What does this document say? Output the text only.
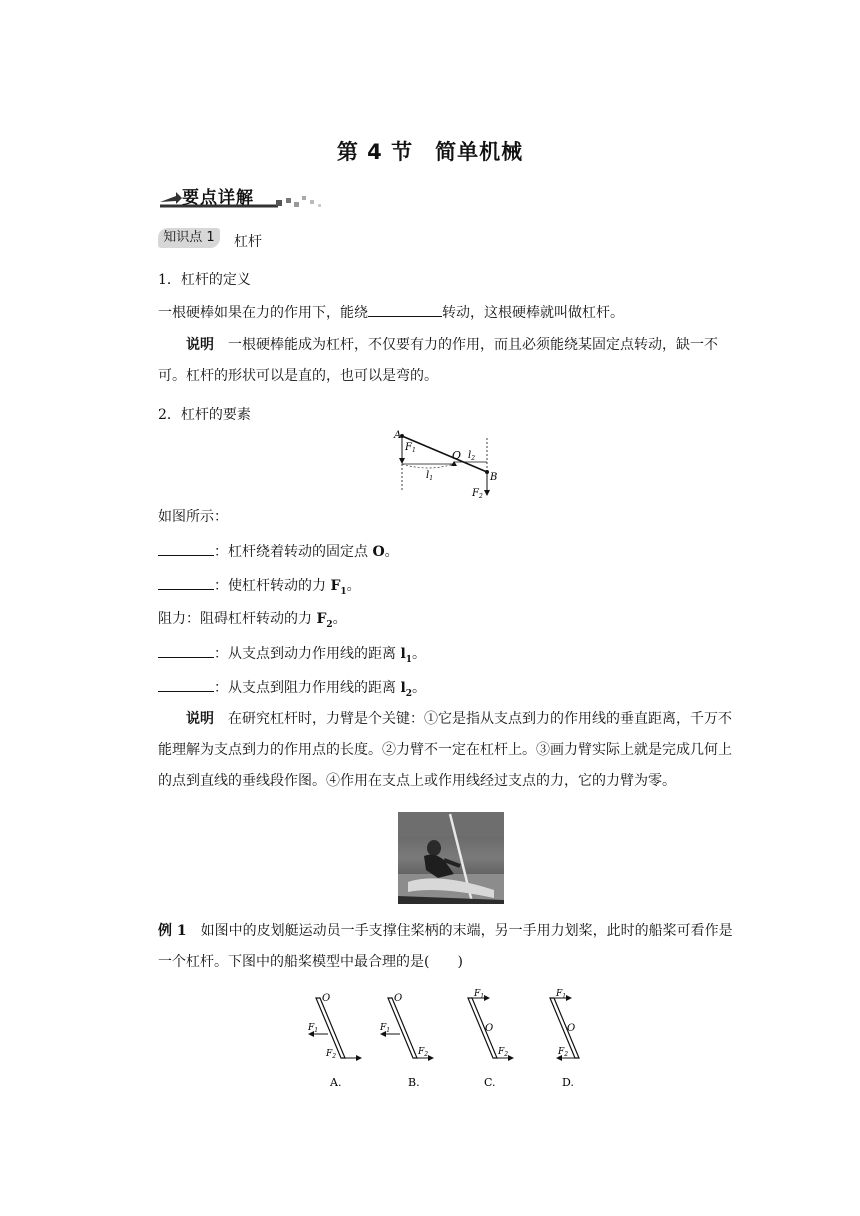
第 4 节　简单机械
要点详解
知识点 1	杠杆
1．杠杆的定义
一根硬棒如果在力的作用下，能绕	转动，这根硬棒就叫做杠杆。
说明　 一根硬棒能成为杠杆，不仅要有力的作用，而且必须能绕某固定点转动，缺一不可。杠杆的形状可以是直的，也可以是弯的。
2．杠杆的要素
A
O
B
$F_1$
$F_2$
$l_1$
$l_2$
如图所示：
：杠杆绕着转动的固定点 O。
：使杠杆转动的力 $F_1$。
阻力：阻碍杠杆转动的力 $F_2$。
：从支点到动力作用线的距离 $l_1$。
：从支点到阻力作用线的距离 $l_2$。
说明　 在研究杠杆时，力臂是个关键：①它是指从支点到力的作用线的垂直距离，千万不能理解为支点到力的作用点的长度。②力臂不一定在杠杆上。③画力臂实际上就是完成几何上的点到直线的垂线段作图。④作用在支点上或作用线经过支点的力，它的力臂为零。
例 1　 如图中的皮划艇运动员一手支撑住桨柄的末端，另一手用力划桨，此时的船桨可看作是一个杠杆。下图中的船桨模型中最合理的是(　　)
O
$F_1$
$F_2$
A.
O
$F_1$
$F_2$
B.
$F_1$
O
$F_2$
C.
$F_1$
O
$F_2$
D.
